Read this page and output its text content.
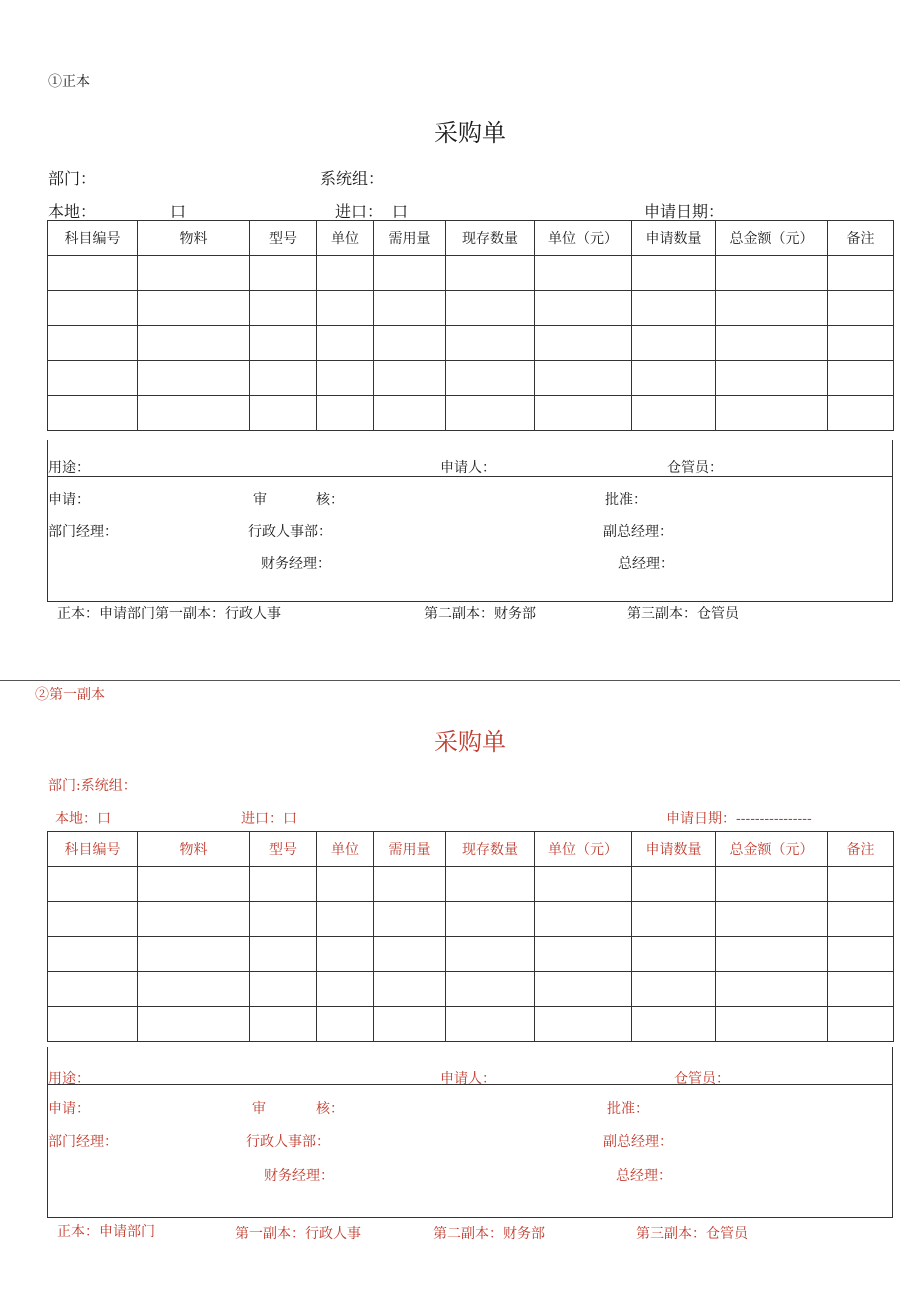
①正本
采购单
部门：	系统组：
本地：	口	进口： 口	申请日期：
科目编号	物料	型号	单位	需用量	现存数量	单位（元）	申请数量	总金额（元）	备注

用途：	申请人：	仓管员：
申请：	审	核：	批准：
部门经理：	行政人事部：	副总经理：
财务经理：	总经理：
正本：申请部门第一副本：行政人事	第二副本：财务部	第三副本：仓管员
②第一副本
采购单
部门:系统组：
本地：口	进口：口	申请日期：----------------
科目编号	物料	型号	单位	需用量	现存数量	单位（元）	申请数量	总金额（元）	备注

用途：	申请人：	仓管员：
申请：	审	核：	批准：
部门经理：	行政人事部：	副总经理：
财务经理：	总经理：
正本：申请部门	第一副本：行政人事	第二副本：财务部	第三副本：仓管员
